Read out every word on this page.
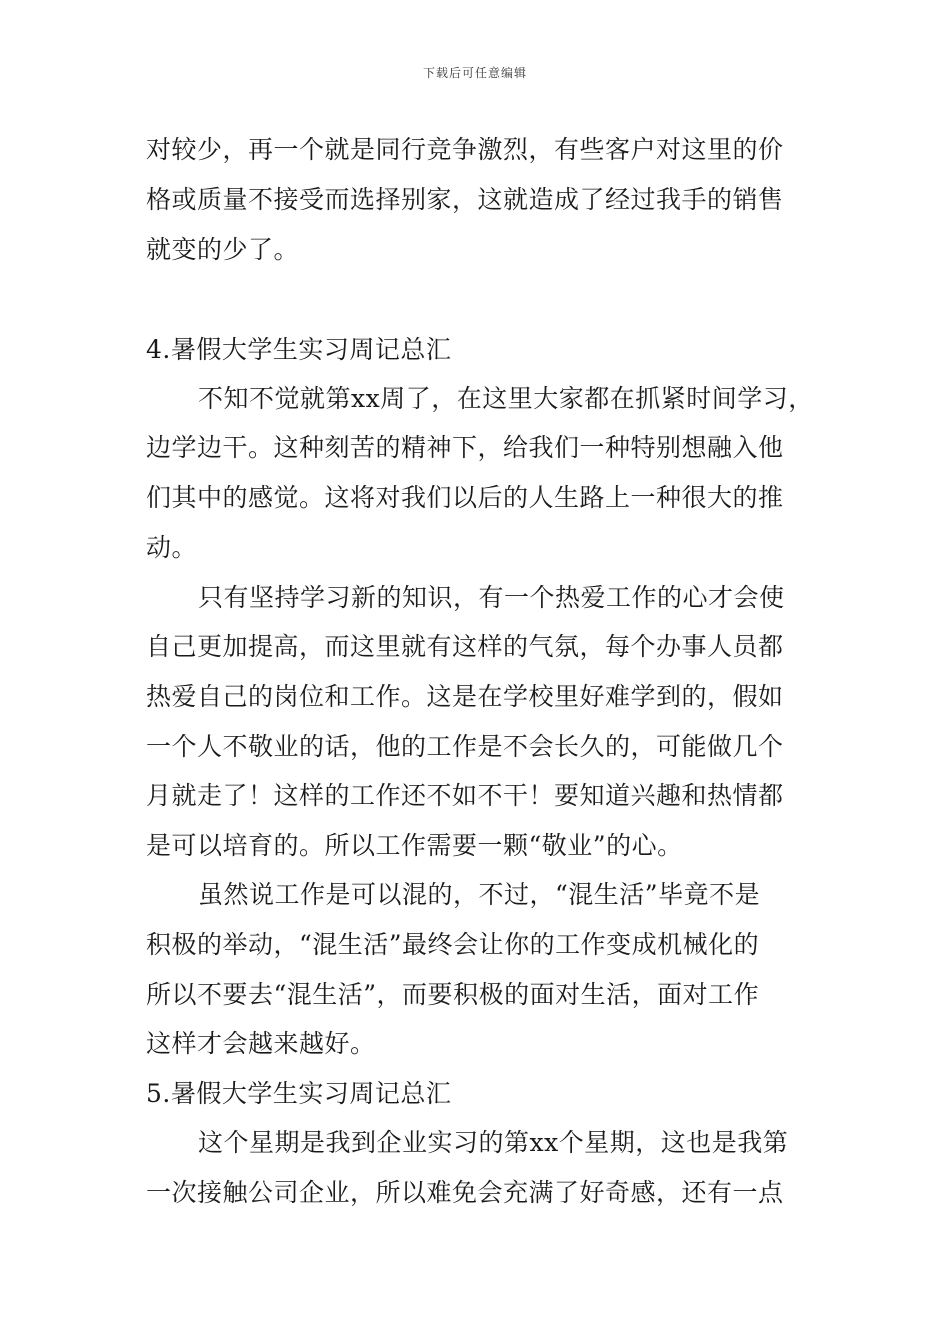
下载后可任意编辑
对较少，再一个就是同行竞争激烈，有些客户对这里的价
格或质量不接受而选择别家，这就造成了经过我手的销售
就变的少了。
4.暑假大学生实习周记总汇
不知不觉就第xx周了，在这里大家都在抓紧时间学习，
边学边干。这种刻苦的精神下，给我们一种特别想融入他
们其中的感觉。这将对我们以后的人生路上一种很大的推
动。
只有坚持学习新的知识，有一个热爱工作的心才会使
自己更加提高，而这里就有这样的气氛，每个办事人员都
热爱自己的岗位和工作。这是在学校里好难学到的，假如
一个人不敬业的话，他的工作是不会长久的，可能做几个
月就走了！这样的工作还不如不干！要知道兴趣和热情都
是可以培育的。所以工作需要一颗“敬业”的心。
虽然说工作是可以混的，不过，“混生活”毕竟不是
积极的举动，“混生活”最终会让你的工作变成机械化的
所以不要去“混生活”，而要积极的面对生活，面对工作
这样才会越来越好。
5.暑假大学生实习周记总汇
这个星期是我到企业实习的第xx个星期，这也是我第
一次接触公司企业，所以难免会充满了好奇感，还有一点
